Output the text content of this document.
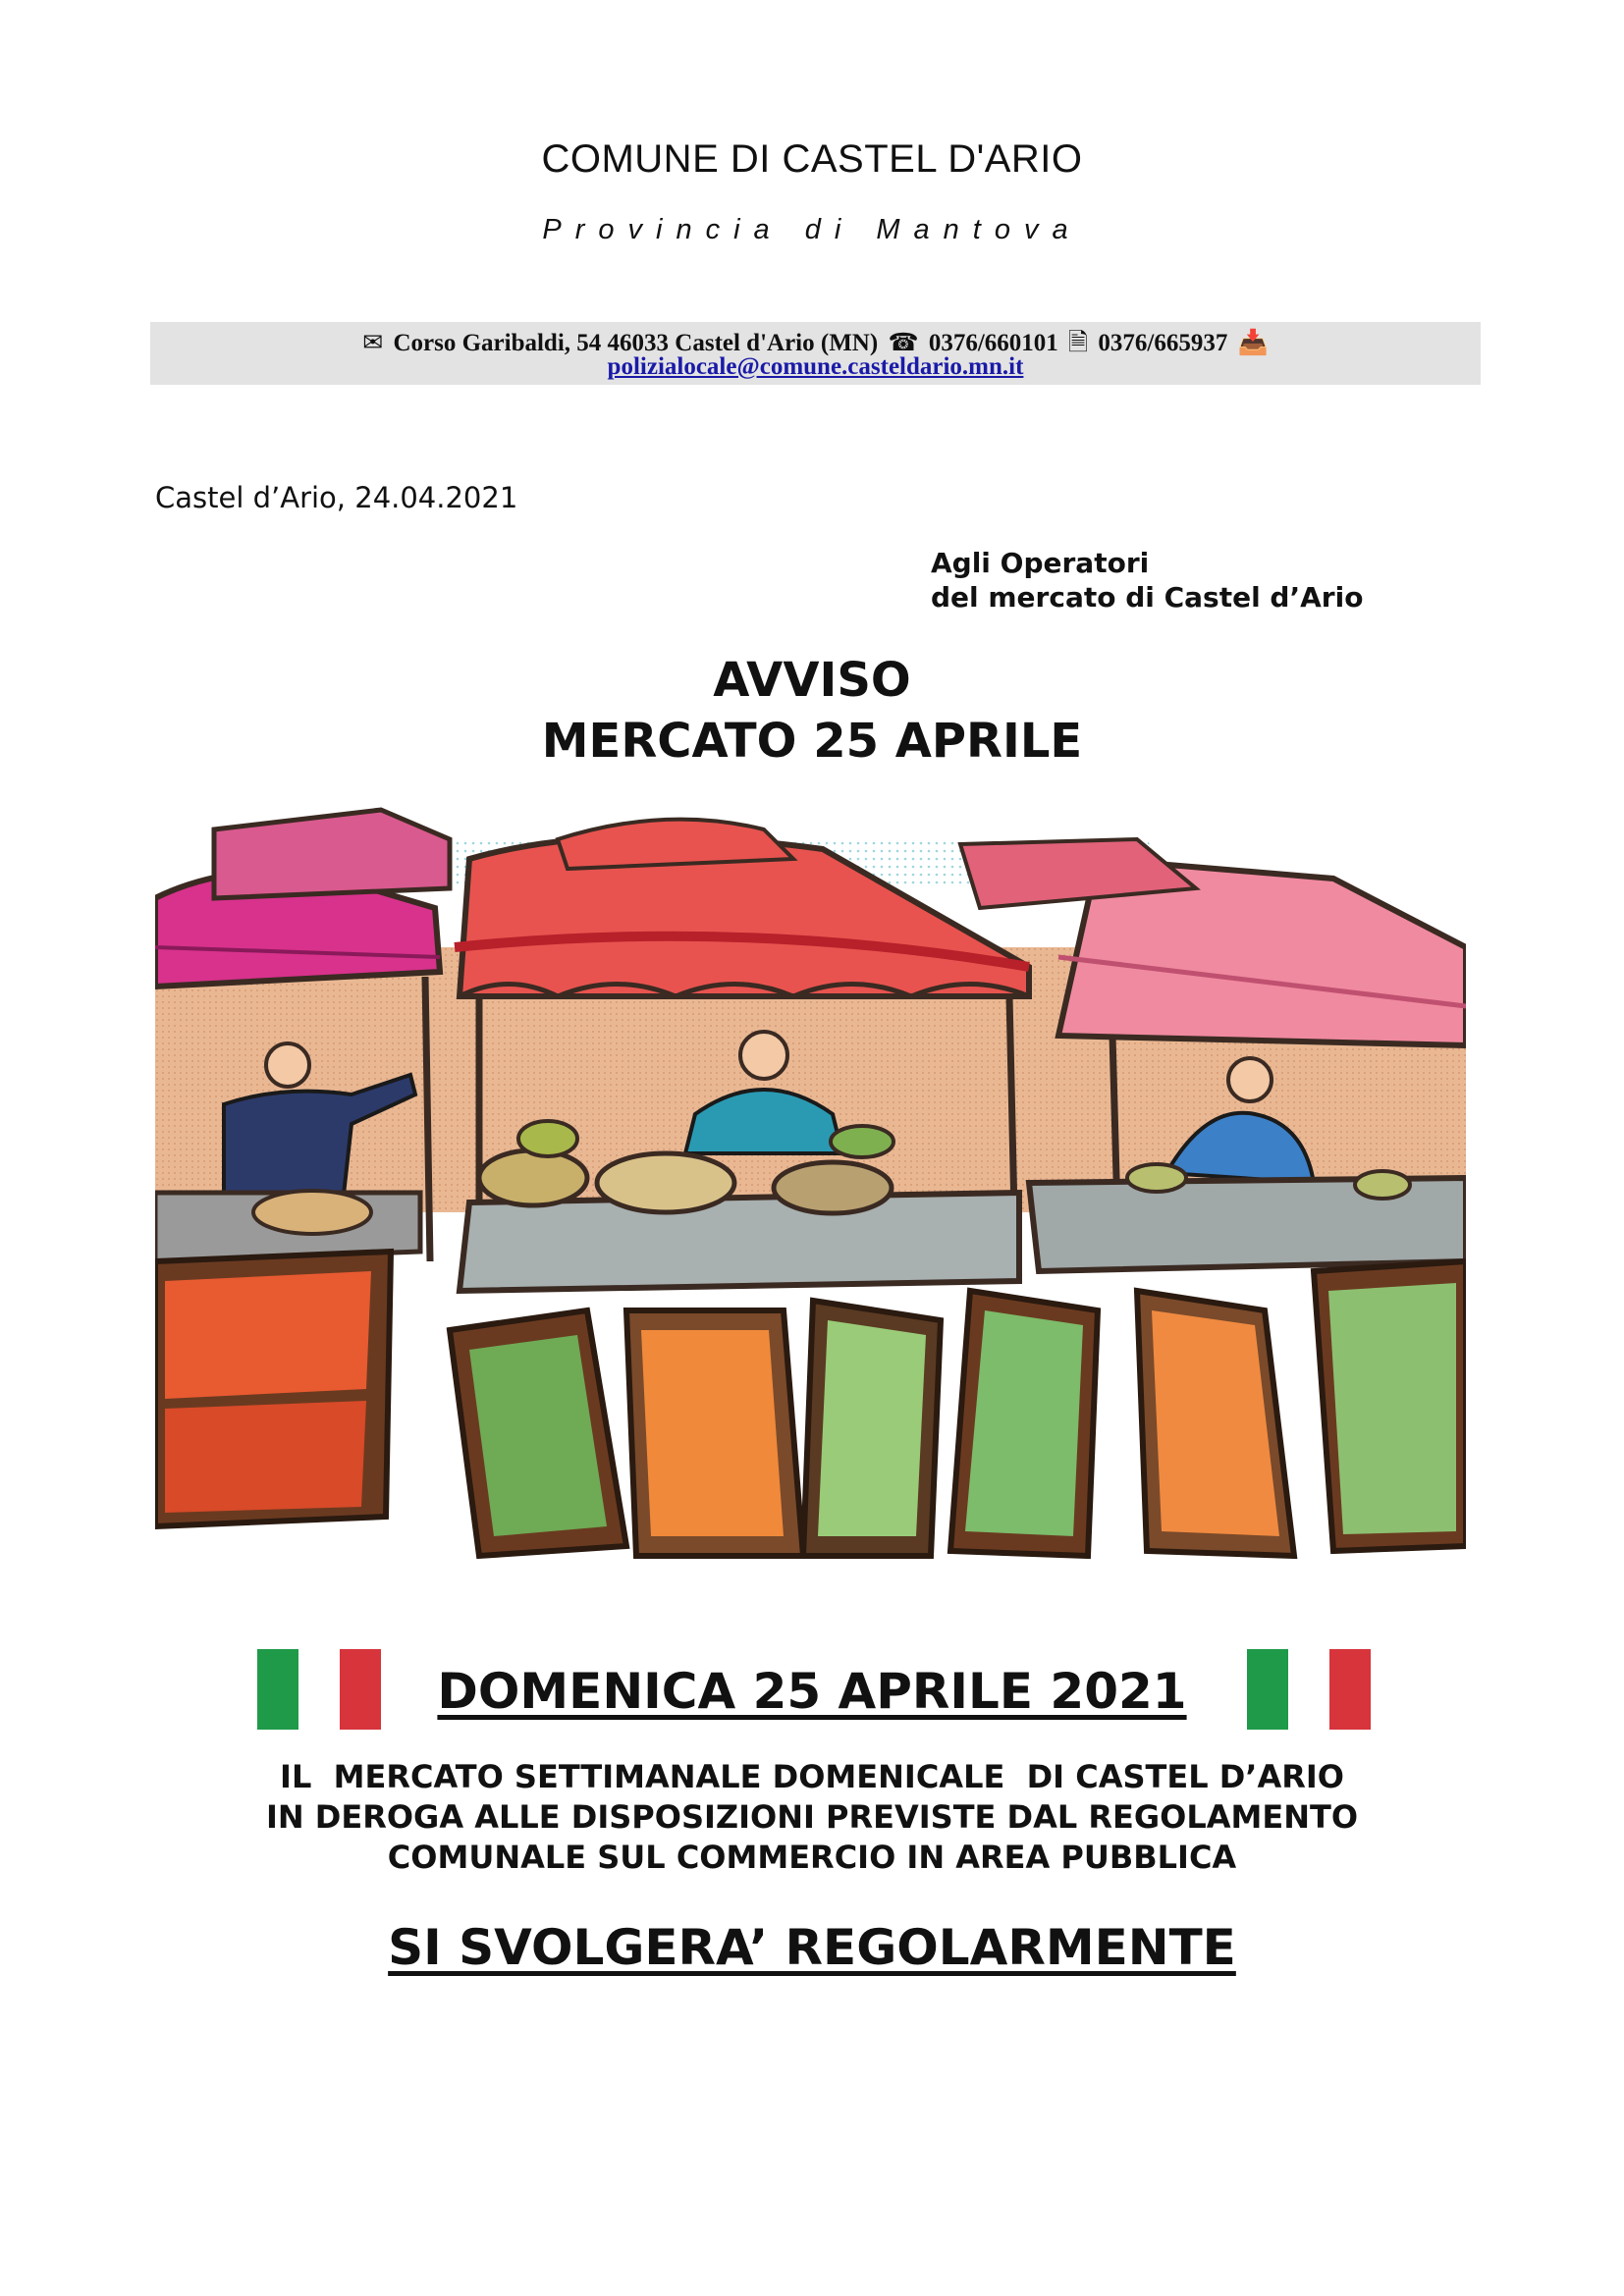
COMUNE DI CASTEL D'ARIO
Provincia di Mantova
✉ Corso Garibaldi, 54 46033 Castel d'Ario (MN) ☎ 0376/660101 🗎 0376/665937 📥
polizialocale@comune.casteldario.mn.it
Castel d’Ario, 24.04.2021
Agli Operatori
del mercato di Castel d’Ario
AVVISO
MERCATO 25 APRILE
DOMENICA 25 APRILE 2021
IL  MERCATO SETTIMANALE DOMENICALE  DI CASTEL D’ARIO
IN DEROGA ALLE DISPOSIZIONI PREVISTE DAL REGOLAMENTO
COMUNALE SUL COMMERCIO IN AREA PUBBLICA
SI SVOLGERA’ REGOLARMENTE
